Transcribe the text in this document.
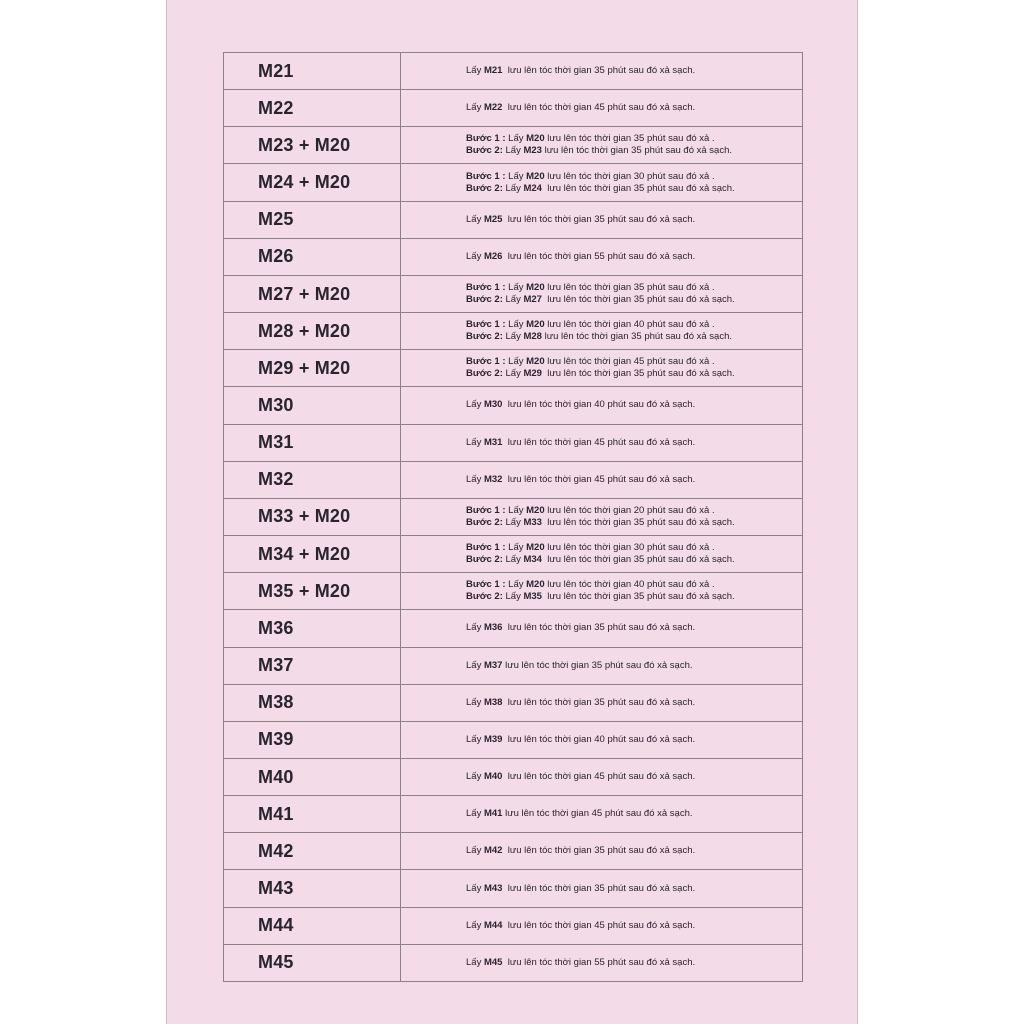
M21	Lấy M21  lưu lên tóc thời gian 35 phút sau đó xả sạch.
M22	Lấy M22  lưu lên tóc thời gian 45 phút sau đó xả sạch.
M23 + M20	Bước 1 : Lấy M20 lưu lên tóc thời gian 35 phút sau đó xả .
Bước 2: Lấy M23 lưu lên tóc thời gian 35 phút sau đó xả sạch.
M24 + M20	Bước 1 : Lấy M20 lưu lên tóc thời gian 30 phút sau đó xả .
Bước 2: Lấy M24  lưu lên tóc thời gian 35 phút sau đó xả sạch.
M25	Lấy M25  lưu lên tóc thời gian 35 phút sau đó xả sạch.
M26	Lấy M26  lưu lên tóc thời gian 55 phút sau đó xả sạch.
M27 + M20	Bước 1 : Lấy M20 lưu lên tóc thời gian 35 phút sau đó xả .
Bước 2: Lấy M27  lưu lên tóc thời gian 35 phút sau đó xả sạch.
M28 + M20	Bước 1 : Lấy M20 lưu lên tóc thời gian 40 phút sau đó xả .
Bước 2: Lấy M28 lưu lên tóc thời gian 35 phút sau đó xả sạch.
M29 + M20	Bước 1 : Lấy M20 lưu lên tóc thời gian 45 phút sau đó xả .
Bước 2: Lấy M29  lưu lên tóc thời gian 35 phút sau đó xả sạch.
M30	Lấy M30  lưu lên tóc thời gian 40 phút sau đó xả sạch.
M31	Lấy M31  lưu lên tóc thời gian 45 phút sau đó xả sạch.
M32	Lấy M32  lưu lên tóc thời gian 45 phút sau đó xả sạch.
M33 + M20	Bước 1 : Lấy M20 lưu lên tóc thời gian 20 phút sau đó xả .
Bước 2: Lấy M33  lưu lên tóc thời gian 35 phút sau đó xả sạch.
M34 + M20	Bước 1 : Lấy M20 lưu lên tóc thời gian 30 phút sau đó xả .
Bước 2: Lấy M34  lưu lên tóc thời gian 35 phút sau đó xả sạch.
M35 + M20	Bước 1 : Lấy M20 lưu lên tóc thời gian 40 phút sau đó xả .
Bước 2: Lấy M35  lưu lên tóc thời gian 35 phút sau đó xả sạch.
M36	Lấy M36  lưu lên tóc thời gian 35 phút sau đó xả sạch.
M37	Lấy M37 lưu lên tóc thời gian 35 phút sau đó xả sạch.
M38	Lấy M38  lưu lên tóc thời gian 35 phút sau đó xả sạch.
M39	Lấy M39  lưu lên tóc thời gian 40 phút sau đó xả sạch.
M40	Lấy M40  lưu lên tóc thời gian 45 phút sau đó xả sạch.
M41	Lấy M41 lưu lên tóc thời gian 45 phút sau đó xả sạch.
M42	Lấy M42  lưu lên tóc thời gian 35 phút sau đó xả sạch.
M43	Lấy M43  lưu lên tóc thời gian 35 phút sau đó xả sạch.
M44	Lấy M44  lưu lên tóc thời gian 45 phút sau đó xả sạch.
M45	Lấy M45  lưu lên tóc thời gian 55 phút sau đó xả sạch.
